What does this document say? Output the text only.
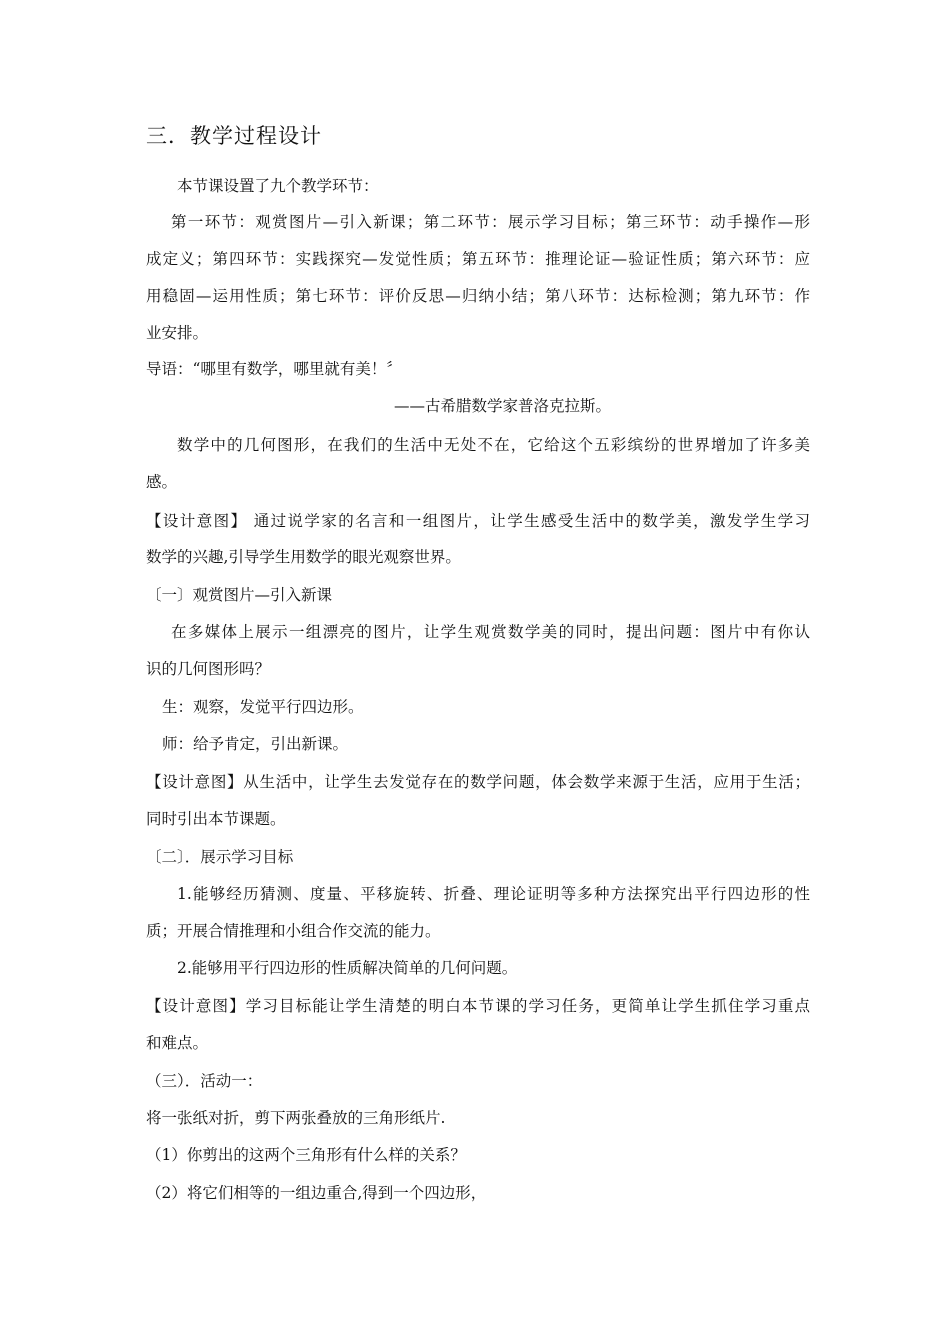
三．教学过程设计

本节课设置了九个教学环节：

第一环节：观赏图片—引入新课；第二环节：展示学习目标；第三环节：动手操作—形

成定义；第四环节：实践探究—发觉性质；第五环节：推理论证—验证性质；第六环节：应

用稳固—运用性质；第七环节：评价反思—归纳小结；第八环节：达标检测；第九环节：作

业安排。

导语：“哪里有数学，哪里就有美！〞

——古希腊数学家普洛克拉斯。

数学中的几何图形，在我们的生活中无处不在，它给这个五彩缤纷的世界增加了许多美

感。

【设计意图】 通过说学家的名言和一组图片，让学生感受生活中的数学美，激发学生学习

数学的兴趣,引导学生用数学的眼光观察世界。

〔一〕观赏图片—引入新课

在多媒体上展示一组漂亮的图片，让学生观赏数学美的同时，提出问题：图片中有你认

识的几何图形吗？

生：观察，发觉平行四边形。

师：给予肯定，引出新课。

【设计意图】从生活中，让学生去发觉存在的数学问题，体会数学来源于生活，应用于生活；

同时引出本节课题。

〔二〕．展示学习目标

1.能够经历猜测、度量、平移旋转、折叠、理论证明等多种方法探究出平行四边形的性

质；开展合情推理和小组合作交流的能力。

2.能够用平行四边形的性质解决简单的几何问题。

【设计意图】学习目标能让学生清楚的明白本节课的学习任务，更简单让学生抓住学习重点

和难点。

（三）．活动一：

将一张纸对折，剪下两张叠放的三角形纸片.

（1）你剪出的这两个三角形有什么样的关系？

（2）将它们相等的一组边重合,得到一个四边形，
